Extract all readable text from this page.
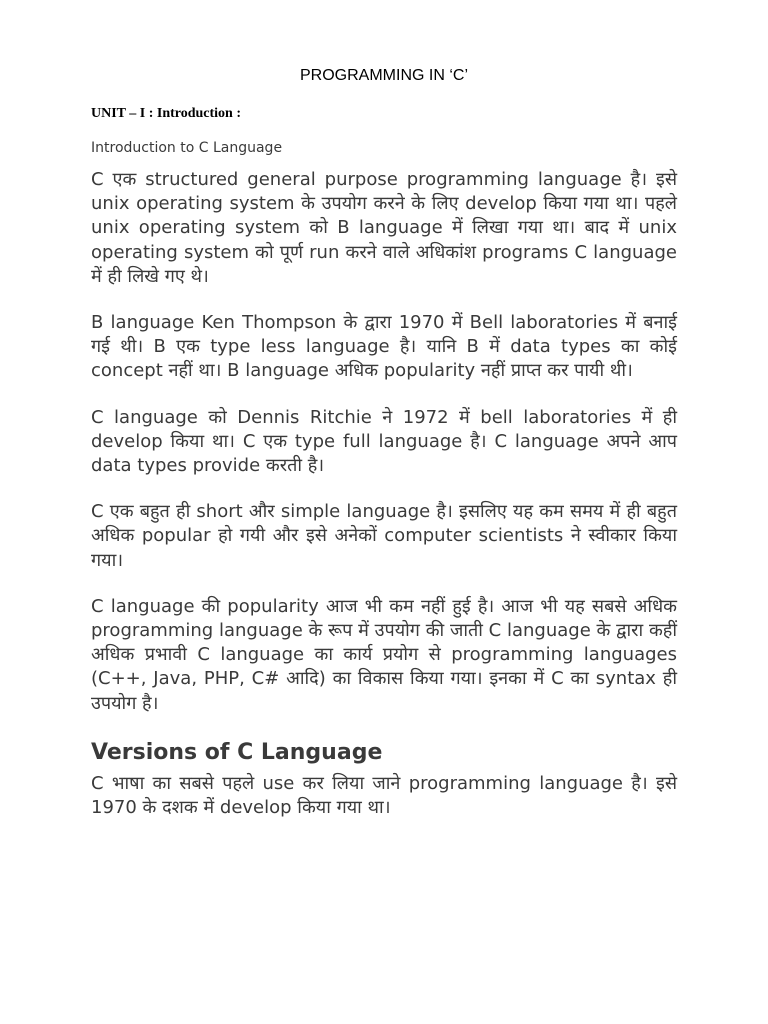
PROGRAMMING IN ‘C’

UNIT – I : Introduction :

Introduction to C Language

C एक structured general purpose programming language है। इसे unix operating system के उपयोग करने के लिए develop किया गया था। पहले unix operating system को B language में लिखा गया था। बाद में unix operating system को पूर्ण run करने वाले अधिकांश programs C language में ही लिखे गए थे।

B language Ken Thompson के द्वारा 1970 में Bell laboratories में बनाई गई थी। B एक type less language है। यानि B में data types का कोई concept नहीं था। B language अधिक popularity नहीं प्राप्त कर पायी थी।

C language को Dennis Ritchie ने 1972 में bell laboratories में ही develop किया था। C एक type full language है। C language अपने आप data types provide करती है।

C एक बहुत ही short और simple language है। इसलिए यह कम समय में ही बहुत अधिक popular हो गयी और इसे अनेकों computer scientists ने स्वीकार किया गया।

C language की popularity आज भी कम नहीं हुई है। आज भी यह सबसे अधिक programming language के रूप में उपयोग की जाती C language के द्वारा कहीं अधिक प्रभावी C language का कार्य प्रयोग से programming languages (C++, Java, PHP, C# आदि) का विकास किया गया। इनका में C का syntax ही उपयोग है।

Versions of C Language

C भाषा का सबसे पहले use कर लिया जाने programming language है। इसे 1970 के दशक में develop किया गया था।
